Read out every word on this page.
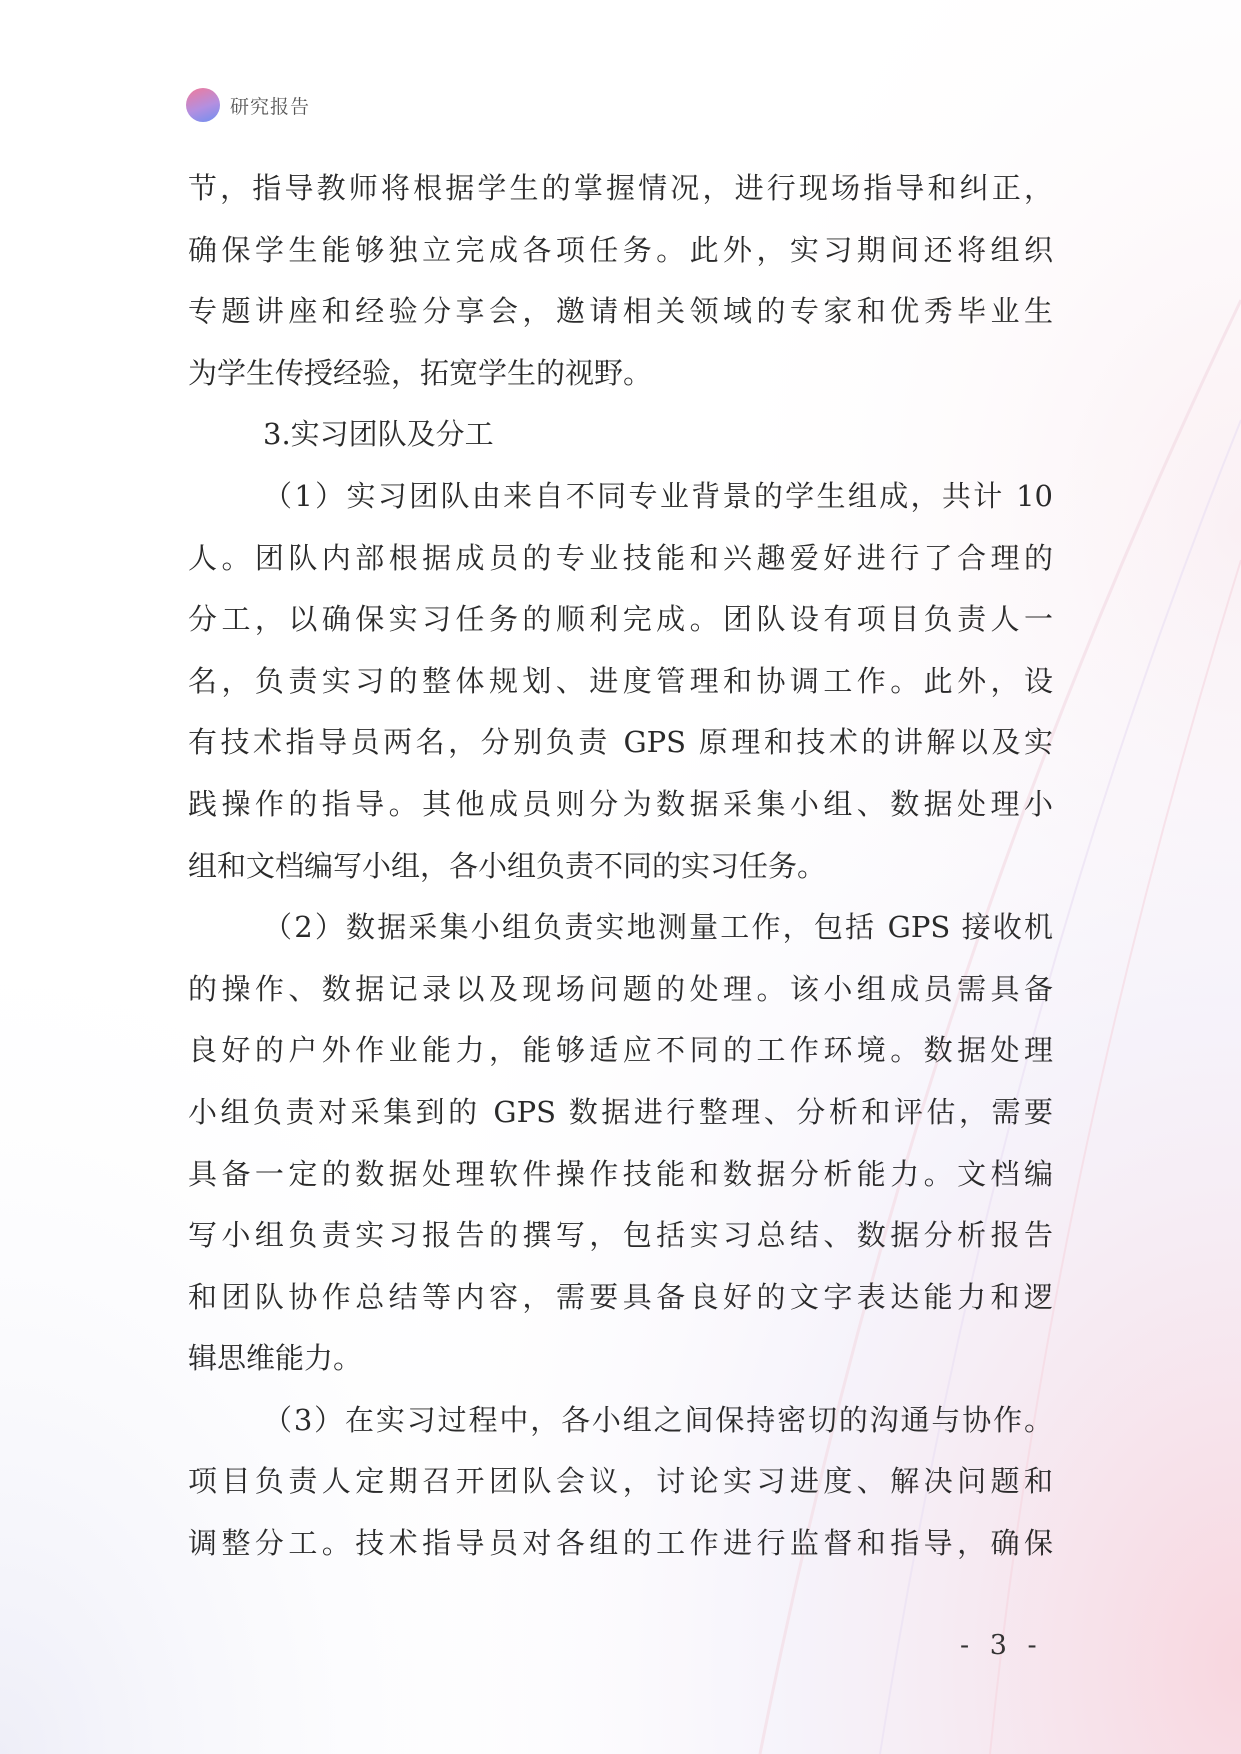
研究报告
节，指导教师将根据学生的掌握情况，进行现场指导和纠正，
确保学生能够独立完成各项任务。此外，实习期间还将组织
专题讲座和经验分享会，邀请相关领域的专家和优秀毕业生
为学生传授经验，拓宽学生的视野。
3.实习团队及分工
（1）实习团队由来自不同专业背景的学生组成，共计 10
人。团队内部根据成员的专业技能和兴趣爱好进行了合理的
分工，以确保实习任务的顺利完成。团队设有项目负责人一
名，负责实习的整体规划、进度管理和协调工作。此外，设
有技术指导员两名，分别负责 GPS 原理和技术的讲解以及实
践操作的指导。其他成员则分为数据采集小组、数据处理小
组和文档编写小组，各小组负责不同的实习任务。
（2）数据采集小组负责实地测量工作，包括 GPS 接收机
的操作、数据记录以及现场问题的处理。该小组成员需具备
良好的户外作业能力，能够适应不同的工作环境。数据处理
小组负责对采集到的 GPS 数据进行整理、分析和评估，需要
具备一定的数据处理软件操作技能和数据分析能力。文档编
写小组负责实习报告的撰写，包括实习总结、数据分析报告
和团队协作总结等内容，需要具备良好的文字表达能力和逻
辑思维能力。
（3）在实习过程中，各小组之间保持密切的沟通与协作。
项目负责人定期召开团队会议，讨论实习进度、解决问题和
调整分工。技术指导员对各组的工作进行监督和指导，确保
- 3 -
